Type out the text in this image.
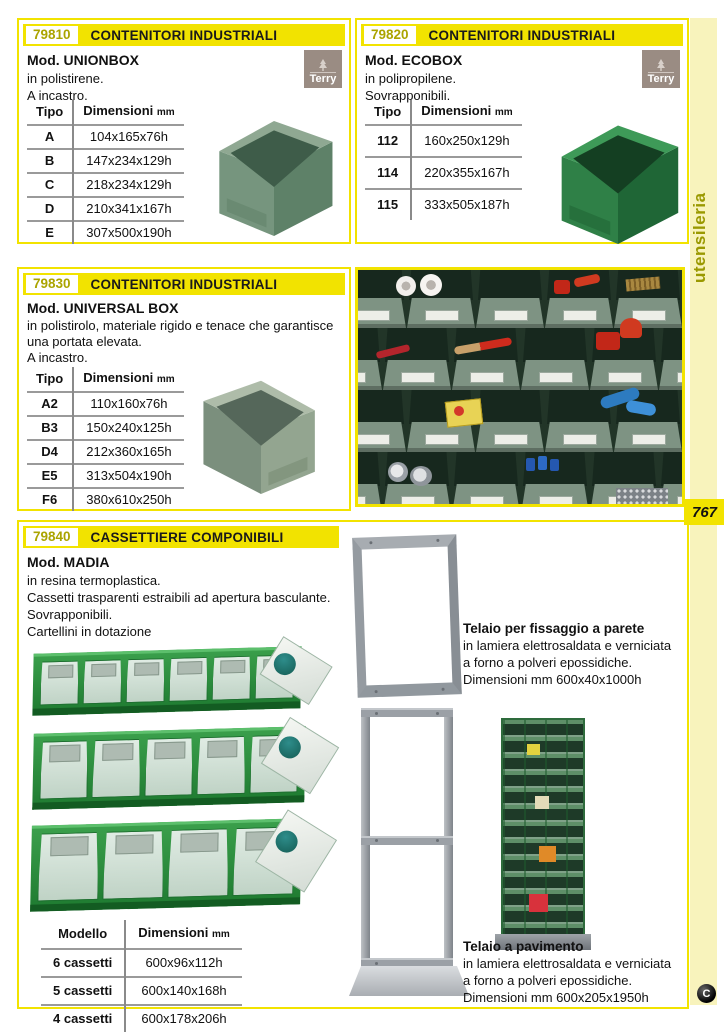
79810	CONTENITORI INDUSTRIALI
Mod. UNIONBOX
in polistirene.
A incastro.
Terry
Tipo	Dimensioni mm
A	104x165x76h
B	147x234x129h
C	218x234x129h
D	210x341x167h
E	307x500x190h
79820	CONTENITORI INDUSTRIALI
Mod. ECOBOX
in polipropilene.
Sovrapponibili.
Terry
Tipo	Dimensioni mm
112	160x250x129h
114	220x355x167h
115	333x505x187h
79830	CONTENITORI INDUSTRIALI
Mod. UNIVERSAL BOX
in polistirolo, materiale rigido e tenace che garantisce
una portata elevata.
A incastro.
Tipo	Dimensioni mm
A2	110x160x76h
B3	150x240x125h
D4	212x360x165h
E5	313x504x190h
F6	380x610x250h
79840	CASSETTIERE COMPONIBILI
Mod. MADIA
in resina termoplastica.
Cassetti trasparenti estraibili ad apertura basculante.
Sovrapponibili.
Cartellini in dotazione
Modello	Dimensioni mm
6 cassetti	600x96x112h
5 cassetti	600x140x168h
4 cassetti	600x178x206h
Telaio per fissaggio a parete
in lamiera elettrosaldata e verniciata
a forno a polveri epossidiche.
Dimensioni mm 600x40x1000h
Telaio a pavimento
in lamiera elettrosaldata e verniciata
a forno a polveri epossidiche.
Dimensioni mm 600x205x1950h
utensileria
767
C
